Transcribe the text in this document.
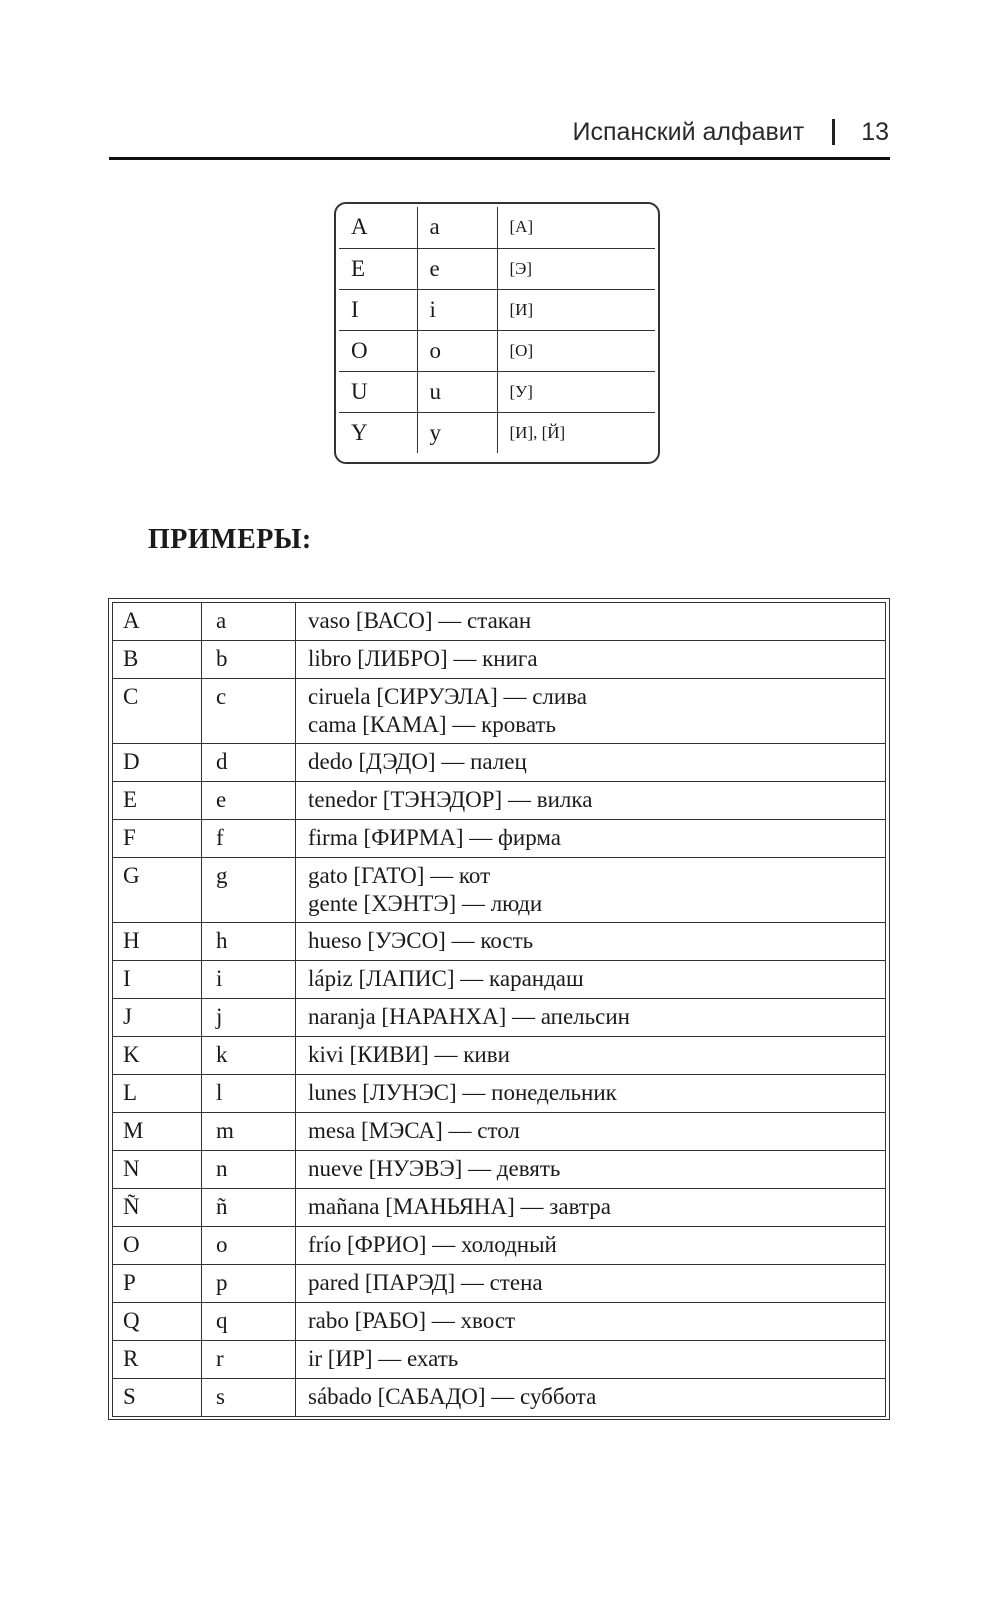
Испанский алфавит 13
A	a	[А]
E	e	[Э]
I	i	[И]
O	o	[О]
U	u	[У]
Y	y	[И], [Й]
ПРИМЕРЫ:
A	a	vaso [ВАСО] — стакан

B	b	libro [ЛИБРО] — книга

C	c	ciruela [СИРУЭЛА] — слива
cama [КАМА] — кровать

D	d	dedo [ДЭДО] — палец

E	e	tenedor [ТЭНЭДОР] — вилка

F	f	firma [ФИРМА] — фирма

G	g	gato [ГАТО] — кот
gente [ХЭНТЭ] — люди

H	h	hueso [УЭСО] — кость

I	i	lápiz [ЛАПИС] — карандаш

J	j	naranja [НАРАНХА] — апельсин

K	k	kivi [КИВИ] — киви

L	l	lunes [ЛУНЭС] — понедельник

M	m	mesa [МЭСА] — стол

N	n	nueve [НУЭВЭ] — девять

Ñ	ñ	mañana [МАНЬЯНА] — завтра

O	o	frío [ФРИО] — холодный

P	p	pared [ПАРЭД] — стена

Q	q	rabo [РАБО] — хвост

R	r	ir [ИР] — ехать

S	s	sábado [САБАДО] — суббота
